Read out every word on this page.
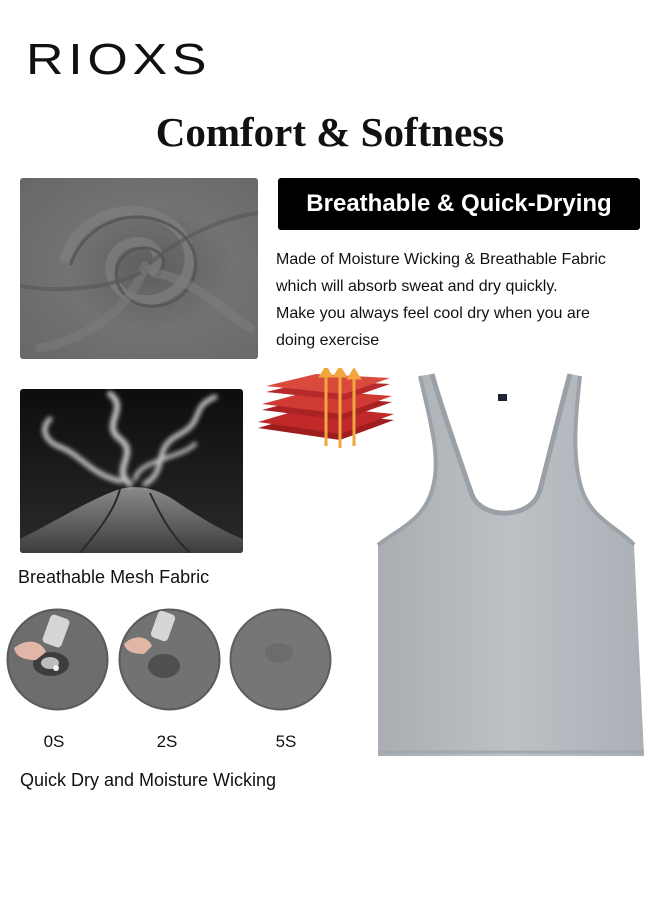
RIOXS
Comfort & Softness
Breathable & Quick-Drying
Made of Moisture Wicking & Breathable Fabric
which will absorb sweat and dry quickly.
Make you always feel cool dry when you are
doing exercise
Breathable Mesh Fabric
0S	2S	5S
Quick Dry and Moisture Wicking
